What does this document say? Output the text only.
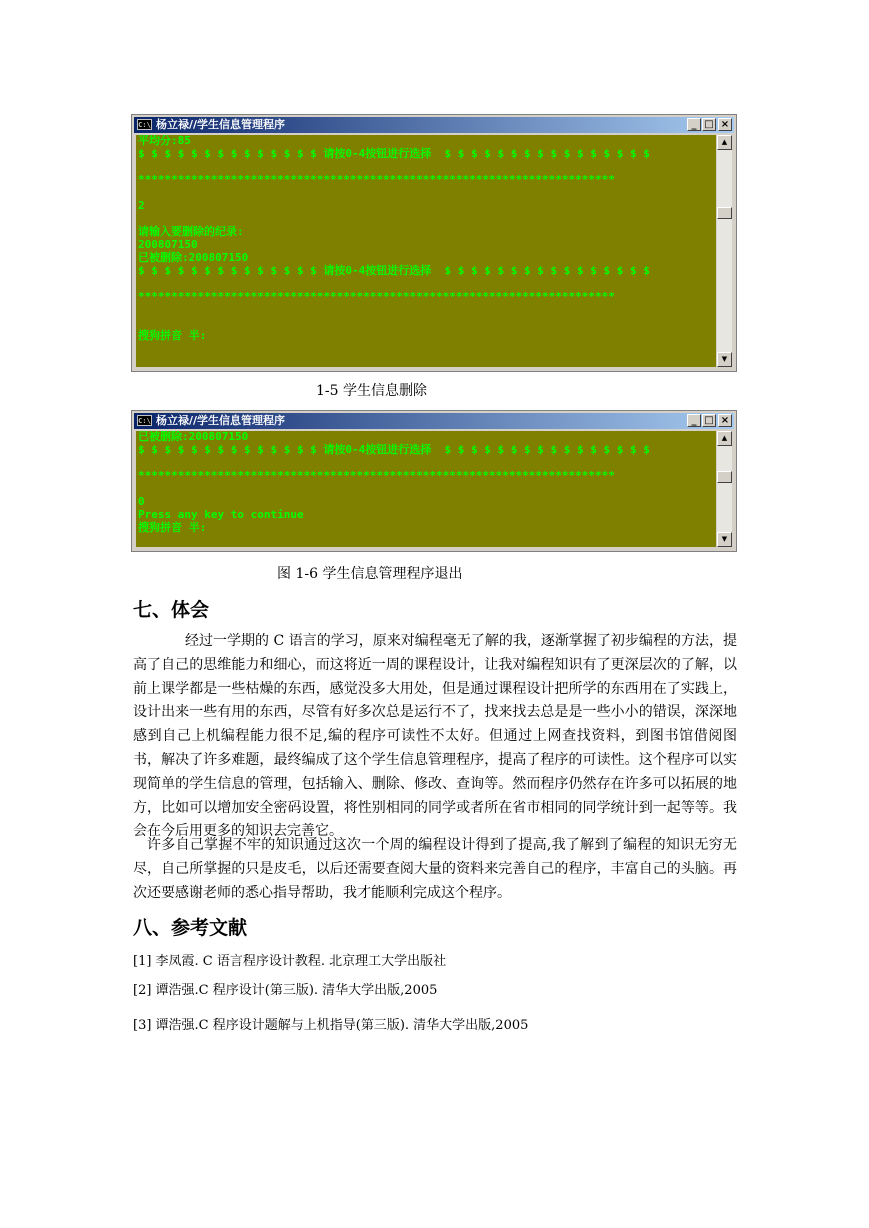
C:\ 杨立禄//学生信息管理程序	_ □ ×
平均分:85
$ $ $ $ $ $ $ $ $ $ $ $ $ $ 请按0-4按钮进行选择  $ $ $ $ $ $ $ $ $ $ $ $ $ $ $ $
************************************************************************
2
请输入要删除的纪录:
200807150
已被删除:200807150
$ $ $ $ $ $ $ $ $ $ $ $ $ $ 请按0-4按钮进行选择  $ $ $ $ $ $ $ $ $ $ $ $ $ $ $ $
************************************************************************
搜狗拼音 半:
▲
▼
1-5 学生信息删除
C:\ 杨立禄//学生信息管理程序	_ □ ×
已被删除:200807150
$ $ $ $ $ $ $ $ $ $ $ $ $ $ 请按0-4按钮进行选择  $ $ $ $ $ $ $ $ $ $ $ $ $ $ $ $
************************************************************************
0
Press any key to continue
搜狗拼音 半:
▲
▼
图 1-6 学生信息管理程序退出
七、体会

经过一学期的 C 语言的学习，原来对编程毫无了解的我，逐渐掌握了初步编程的方法，提高了自己的思维能力和细心，而这将近一周的课程设计，让我对编程知识有了更深层次的了解，以前上课学都是一些枯燥的东西，感觉没多大用处，但是通过课程设计把所学的东西用在了实践上，设计出来一些有用的东西，尽管有好多次总是运行不了，找来找去总是是一些小小的错误，深深地感到自己上机编程能力很不足,编的程序可读性不太好。但通过上网查找资料，到图书馆借阅图书，解决了许多难题，最终编成了这个学生信息管理程序，提高了程序的可读性。这个程序可以实现简单的学生信息的管理，包括输入、删除、修改、查询等。然而程序仍然存在许多可以拓展的地方，比如可以增加安全密码设置，将性别相同的同学或者所在省市相同的同学统计到一起等等。我会在今后用更多的知识去完善它。

许多自己掌握不牢的知识通过这次一个周的编程设计得到了提高,我了解到了编程的知识无穷无尽，自己所掌握的只是皮毛，以后还需要查阅大量的资料来完善自己的程序，丰富自己的头脑。再次还要感谢老师的悉心指导帮助，我才能顺利完成这个程序。

八、参考文献
[1] 李凤霞. C 语言程序设计教程. 北京理工大学出版社
[2] 谭浩强.C 程序设计(第三版). 清华大学出版,2005
[3] 谭浩强.C 程序设计题解与上机指导(第三版). 清华大学出版,2005
